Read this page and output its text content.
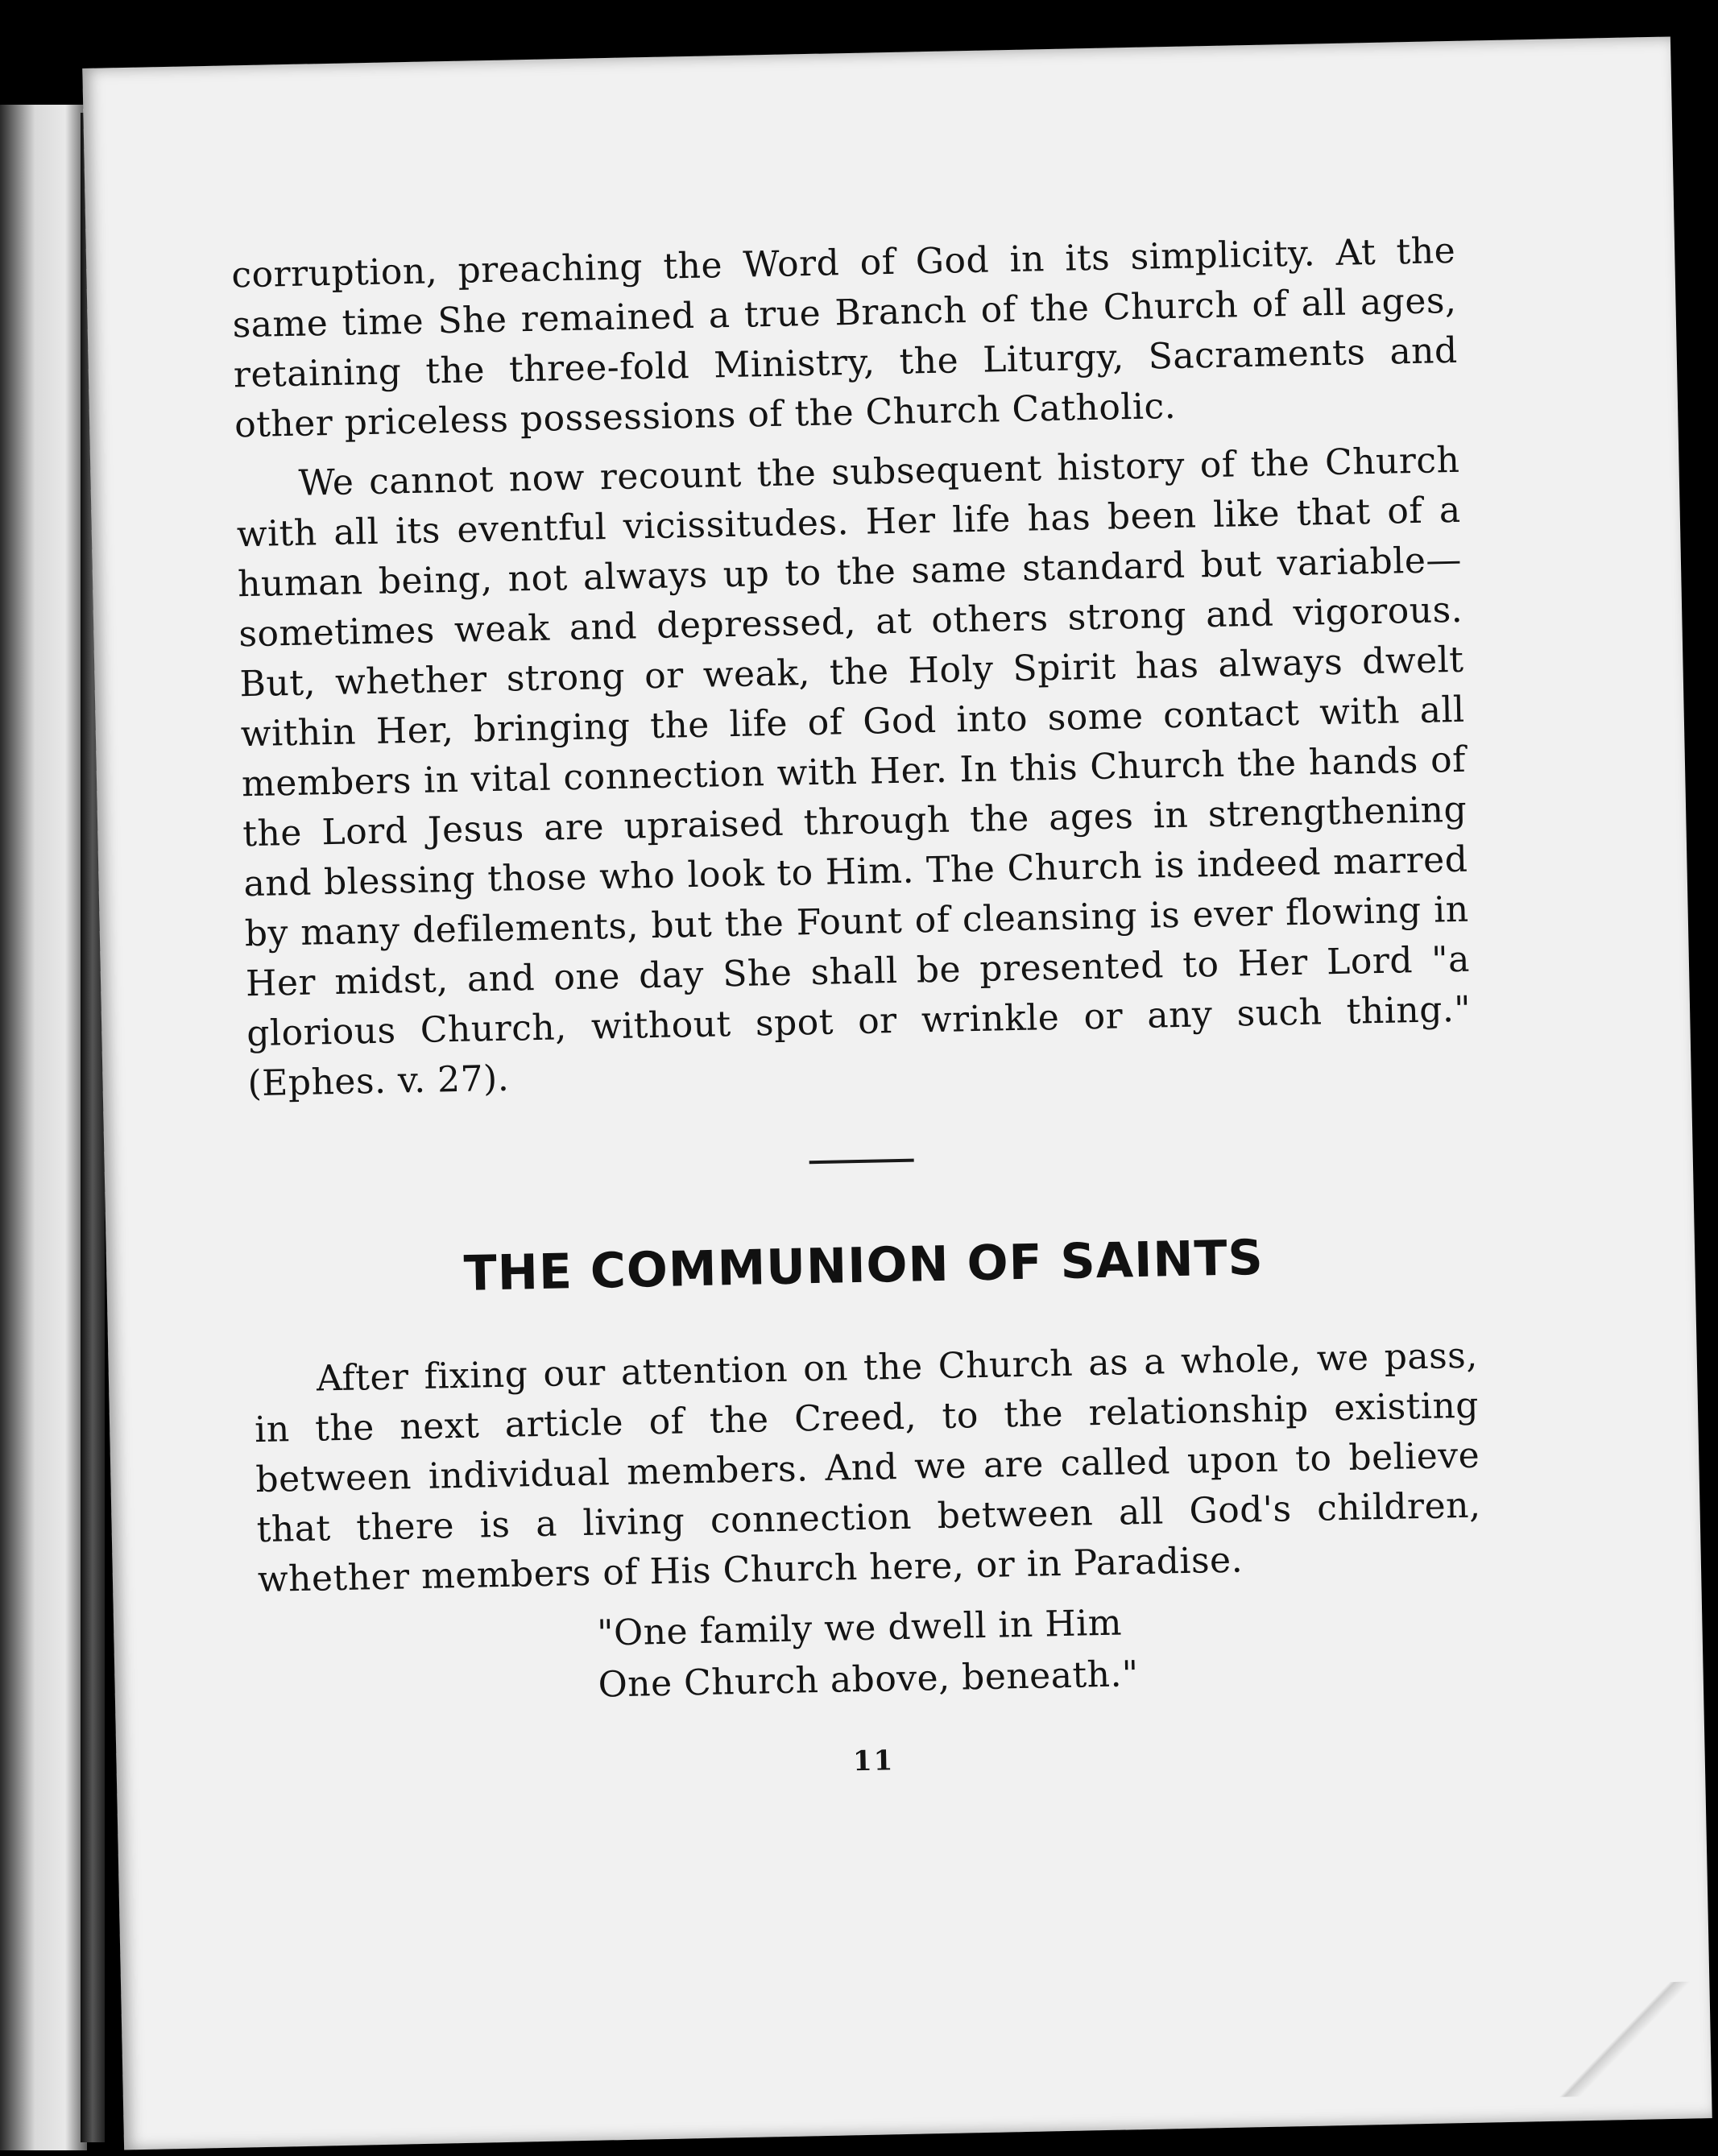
corruption, preaching the Word of God in its simplicity. At the same time She remained a true Branch of the Church of all ages, retaining the three-fold Ministry, the Liturgy, Sacraments and other priceless possessions of the Church Catholic.

We cannot now recount the subsequent history of the Church with all its eventful vicissitudes. Her life has been like that of a human being, not always up to the same standard but variable—sometimes weak and depressed, at others strong and vigorous. But, whether strong or weak, the Holy Spirit has always dwelt within Her, bringing the life of God into some contact with all members in vital connection with Her. In this Church the hands of the Lord Jesus are upraised through the ages in strengthening and blessing those who look to Him. The Church is indeed marred by many defilements, but the Fount of cleansing is ever flowing in Her midst, and one day She shall be presented to Her Lord "a glorious Church, without spot or wrinkle or any such thing." (Ephes. v. 27).

THE COMMUNION OF SAINTS

After fixing our attention on the Church as a whole, we pass, in the next article of the Creed, to the relationship existing between individual members. And we are called upon to believe that there is a living connection between all God's children, whether members of His Church here, or in Paradise.

"One family we dwell in Him
One Church above, beneath."
11
